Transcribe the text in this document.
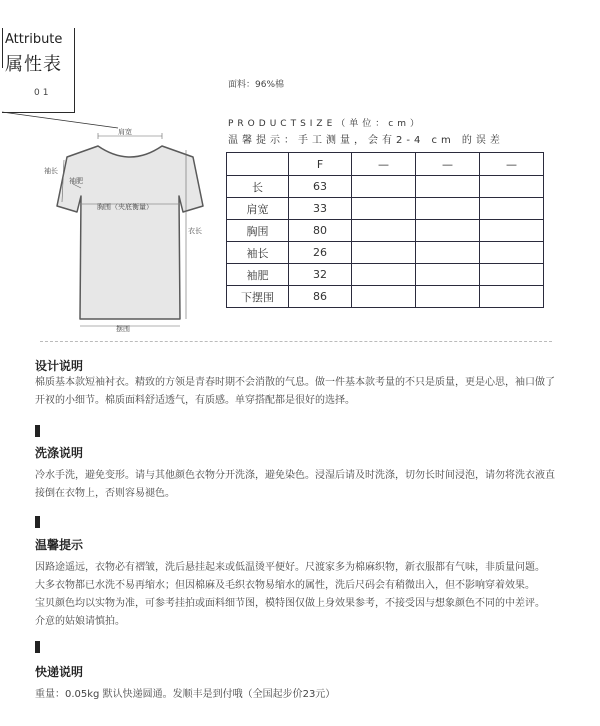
Attribute
属性表
01
肩宽
袖长
袖肥
胸围（夹底衡量）
衣长
摆围
面料：96%棉
PRODUCTSIZE（单位：cm）
温馨提示：手工测量，会有2-4 cm 的误差
	F	—	—	—
长	63			
肩宽	33			
胸围	80			
袖长	26			
袖肥	32			
下摆围	86			
设计说明
棉质基本款短袖衬衣。精致的方领是青春时期不会消散的气息。做一件基本款考量的不只是质量，更是心思，袖口做了开衩的小细节。棉质面料舒适透气，有质感。单穿搭配都是很好的选择。
洗涤说明
冷水手洗，避免变形。请与其他颜色衣物分开洗涤，避免染色。浸湿后请及时洗涤，切勿长时间浸泡，请勿将洗衣液直接倒在衣物上，否则容易褪色。
温馨提示
因路途遥远，衣物必有褶皱，洗后悬挂起来或低温烫平便好。尺渡家多为棉麻织物，新衣服都有气味，非质量问题。
大多衣物都已水洗不易再缩水；但因棉麻及毛织衣物易缩水的属性，洗后尺码会有稍微出入，但不影响穿着效果。
宝贝颜色均以实物为准，可参考挂拍或面料细节图，模特图仅做上身效果参考，不接受因与想象颜色不同的中差评。
介意的姑娘请慎拍。
快递说明
重量：0.05kg 默认快递圆通。发顺丰是到付哦（全国起步价23元）
